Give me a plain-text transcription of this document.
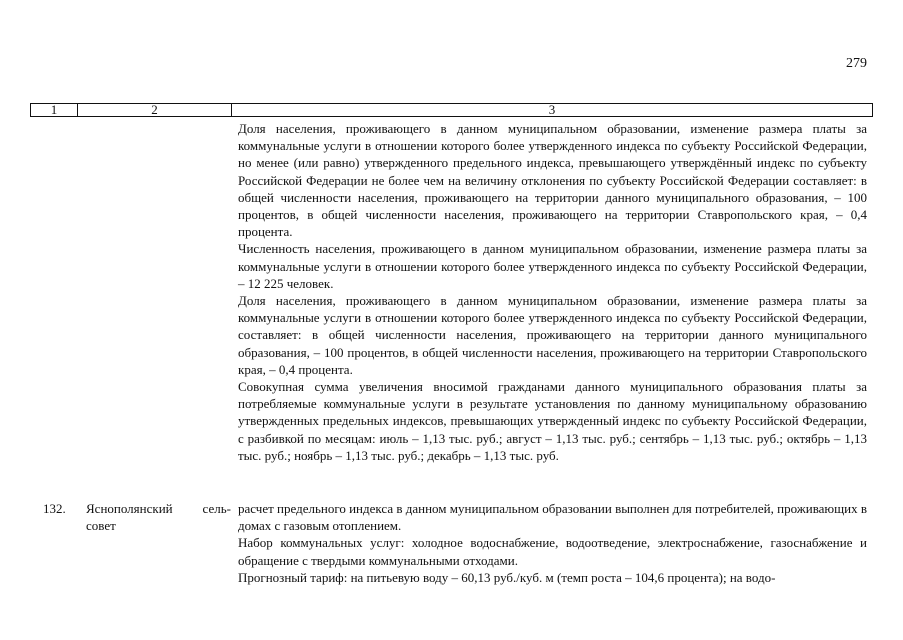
279
1	2	3

Доля населения, проживающего в данном муниципальном образовании, изменение размера платы за коммунальные услуги в отношении которого более утвержденного индекса по субъекту Российской Федерации, но менее (или равно) утвержденного предельного индекса, превышающего утверждённый индекс по субъекту Российской Федерации не более чем на величину отклонения по субъекту Российской Федерации составляет: в общей численности населения, проживающего на территории данного муниципального образования, – 100 процентов, в общей численности населения, проживающего на территории Ставропольского края, – 0,4 процента.

Численность населения, проживающего в данном муниципальном образовании, изменение размера платы за коммунальные услуги в отношении которого более утвержденного индекса по субъекту Российской Федерации, – 12 225 человек.

Доля населения, проживающего в данном муниципальном образовании, изменение размера платы за коммунальные услуги в отношении которого более утвержденного индекса по субъекту Российской Федерации, составляет: в общей численности населения, проживающего на территории данного муниципального образования, – 100 процентов, в общей численности населения, проживающего на территории Ставропольского края, – 0,4 процента.

Совокупная сумма увеличения вносимой гражданами данного муниципального образования платы за потребляемые коммунальные услуги в результате установления по данному муниципальному образованию утвержденных предельных индексов, превышающих утвержденный индекс по субъекту Российской Федерации, с разбивкой по месяцам: июль – 1,13 тыс. руб.; август – 1,13 тыс. руб.; сентябрь – 1,13 тыс. руб.; октябрь – 1,13 тыс. руб.; ноябрь – 1,13 тыс. руб.; декабрь – 1,13 тыс. руб.

132. Яснополянский сель-
совет

расчет предельного индекса в данном муниципальном образовании выполнен для потребителей, проживающих в домах с газовым отоплением.

Набор коммунальных услуг: холодное водоснабжение, водоотведение, электроснабжение, газоснабжение и обращение с твердыми коммунальными отходами.

Прогнозный тариф: на питьевую воду – 60,13 руб./куб. м (темп роста – 104,6 процента); на водо-
